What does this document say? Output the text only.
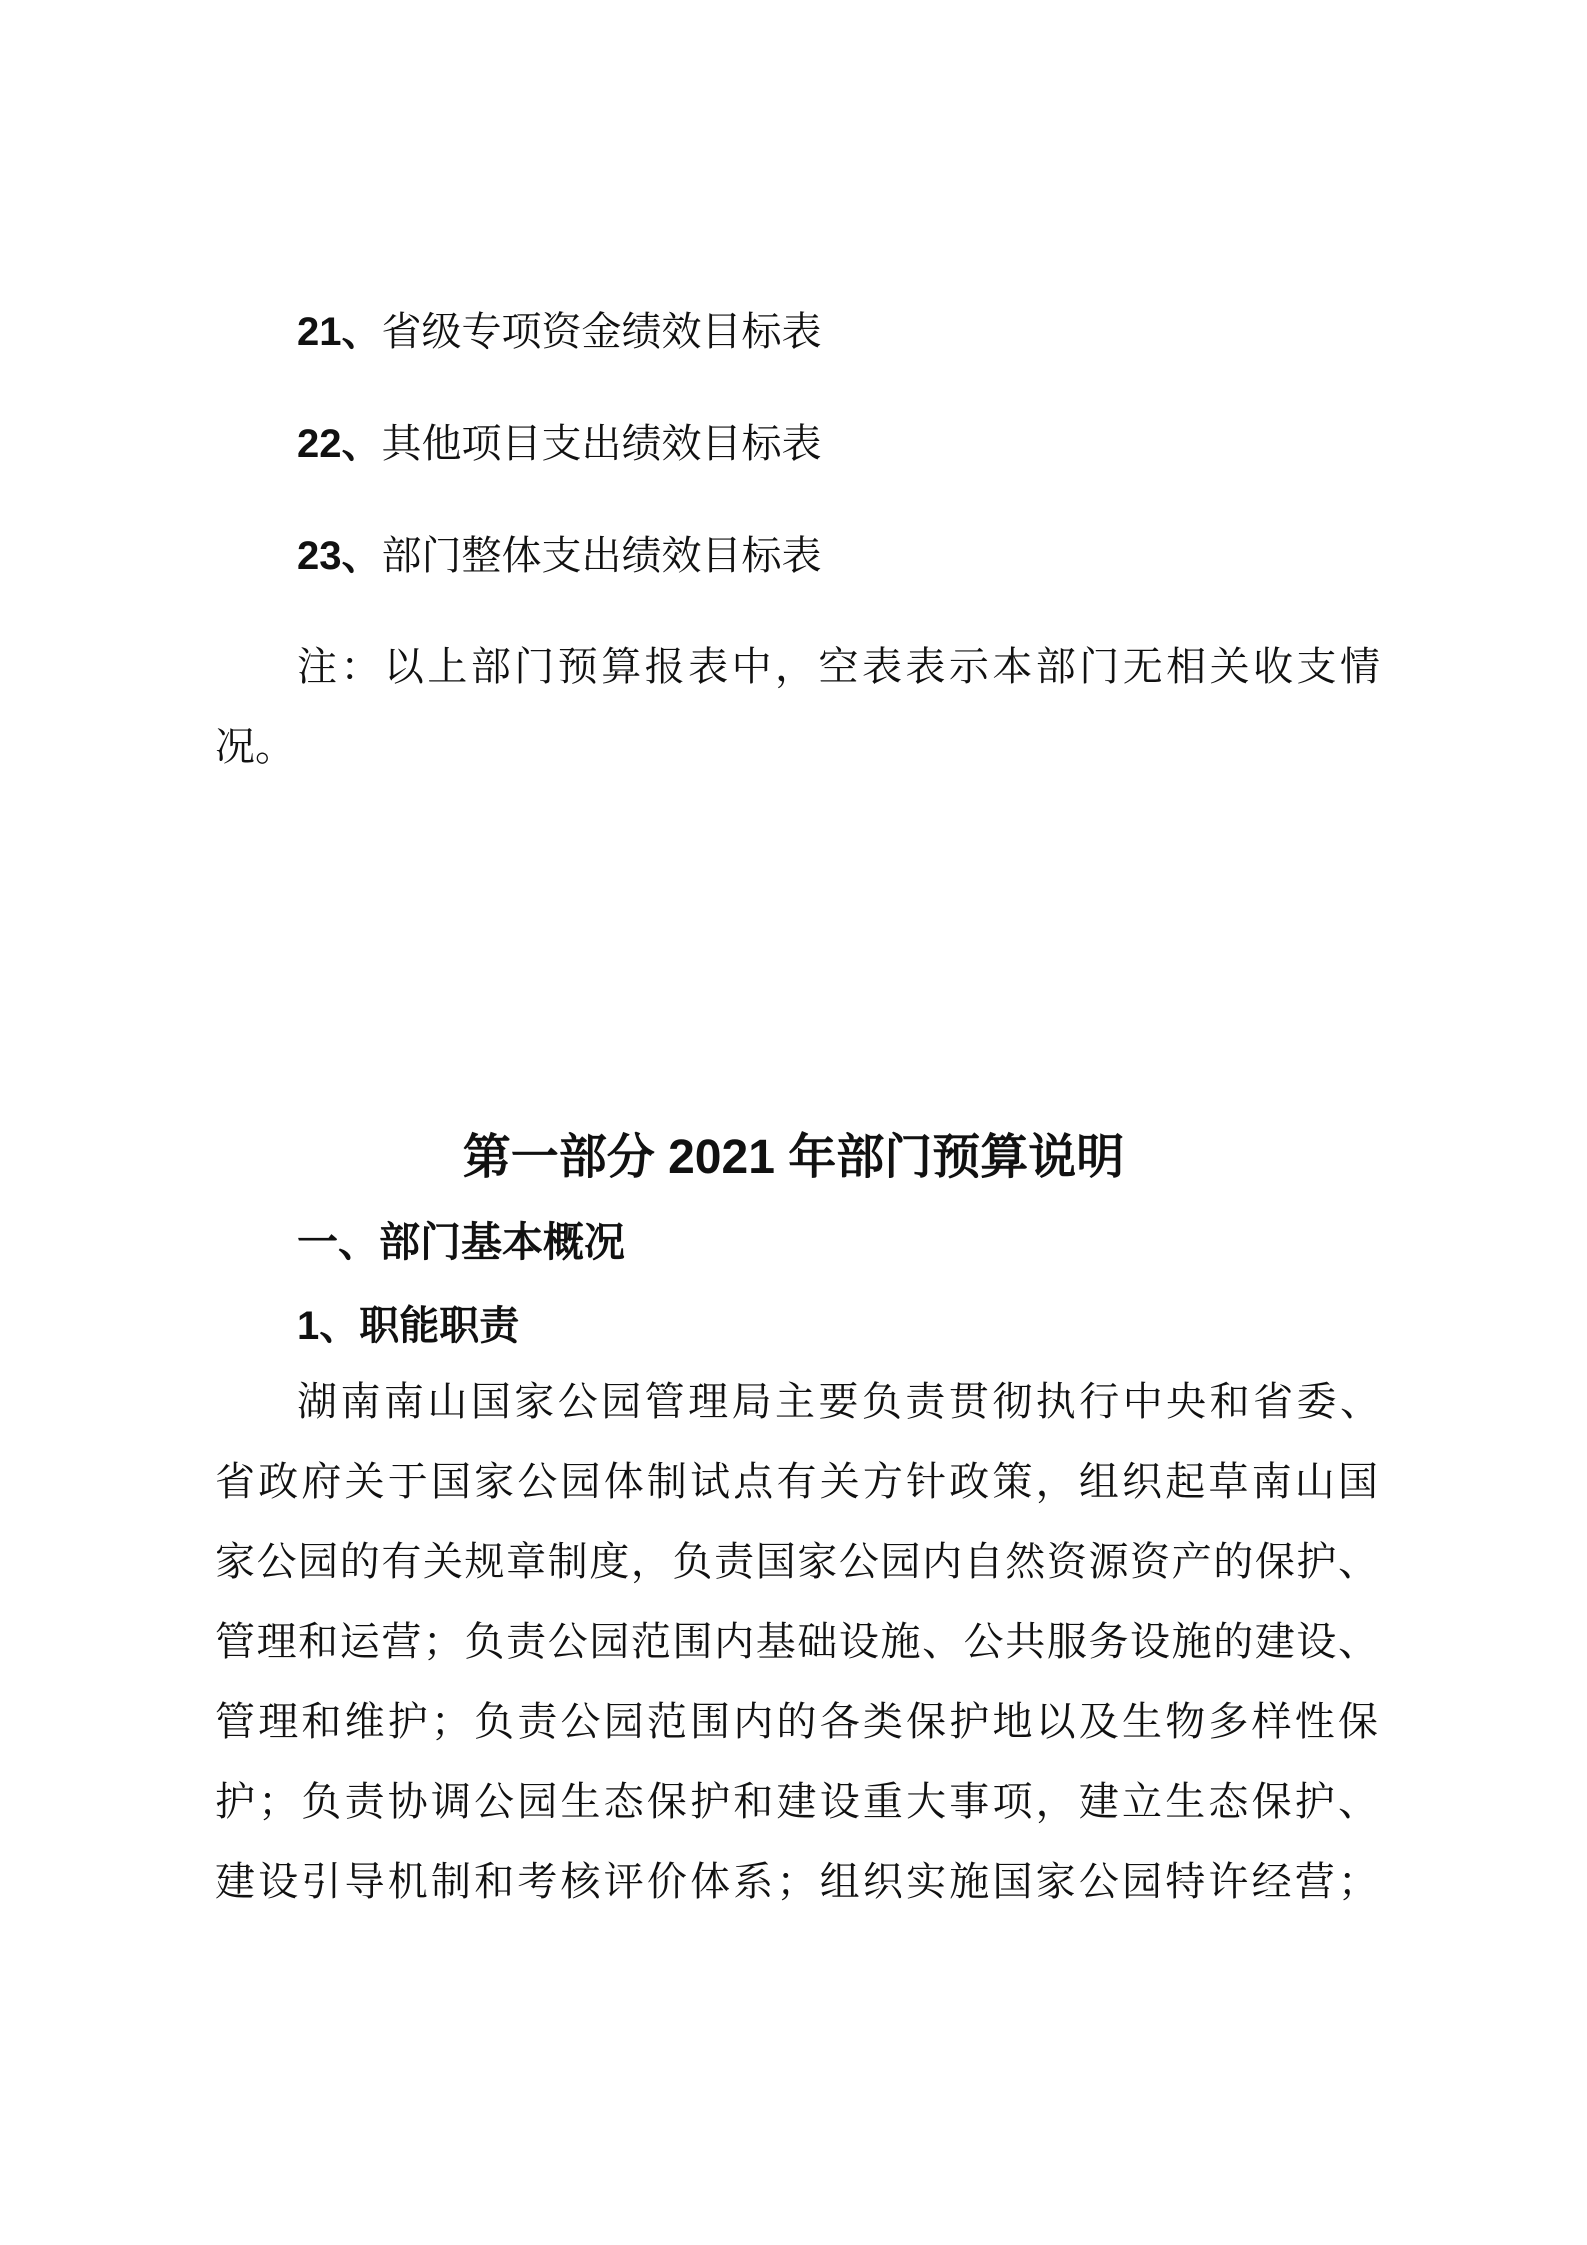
21、省级专项资金绩效目标表
22、其他项目支出绩效目标表
23、部门整体支出绩效目标表
注：以上部门预算报表中，空表表示本部门无相关收支情
况。
第一部分 2021 年部门预算说明
一、部门基本概况
1、职能职责
湖南南山国家公园管理局主要负责贯彻执行中央和省委、
省政府关于国家公园体制试点有关方针政策，组织起草南山国
家公园的有关规章制度，负责国家公园内自然资源资产的保护、
管理和运营；负责公园范围内基础设施、公共服务设施的建设、
管理和维护；负责公园范围内的各类保护地以及生物多样性保
护；负责协调公园生态保护和建设重大事项，建立生态保护、
建设引导机制和考核评价体系；组织实施国家公园特许经营；
